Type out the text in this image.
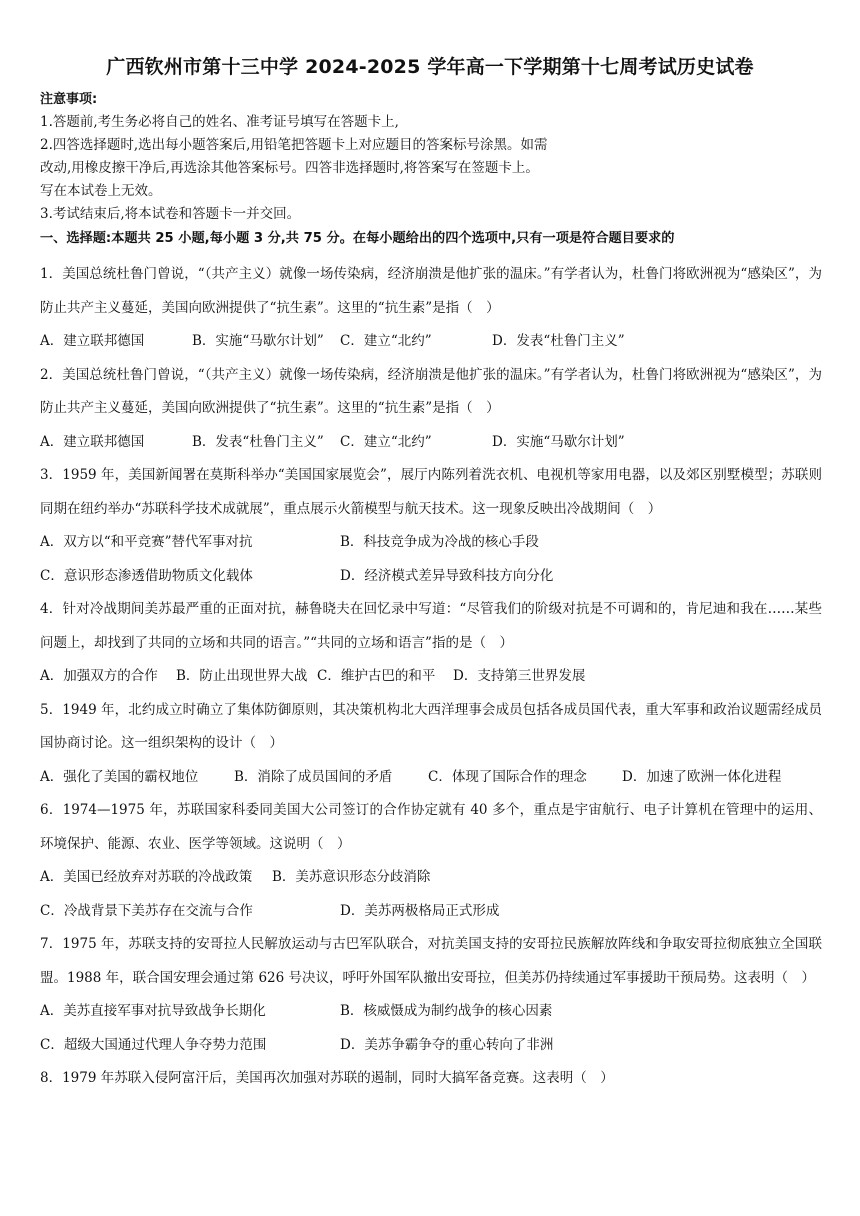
广西钦州市第十三中学 2024-2025 学年高一下学期第十七周考试历史试卷
注意事项:
1.答题前,考生务必将自己的姓名、准考证号填写在答题卡上,
2.四答选择题时,选出每小题答案后,用铅笔把答题卡上对应题目的答案标号涂黑。如需
改动,用橡皮擦干净后,再选涂其他答案标号。四答非选择题时,将答案写在签题卡上。
写在本试卷上无效。
3.考试结束后,将本试卷和答题卡一并交回。
一、选择题:本题共 25 小题,每小题 3 分,共 75 分。在每小题给出的四个选项中,只有一项是符合题目要求的

1．美国总统杜鲁门曾说，“（共产主义）就像一场传染病，经济崩溃是他扩张的温床。”有学者认为，杜鲁门将欧洲视为“感染区”，为防止共产主义蔓延，美国向欧洲提供了“抗生素”。这里的“抗生素”是指（　）

A．建立联邦德国	B．实施“马歇尔计划”	C．建立“北约”	D．发表“杜鲁门主义”

2．美国总统杜鲁门曾说，“（共产主义）就像一场传染病，经济崩溃是他扩张的温床。”有学者认为，杜鲁门将欧洲视为“感染区”，为防止共产主义蔓延，美国向欧洲提供了“抗生素”。这里的“抗生素”是指（　）

A．建立联邦德国	B．发表“杜鲁门主义”	C．建立“北约”	D．实施“马歇尔计划”

3．1959 年，美国新闻署在莫斯科举办“美国国家展览会”，展厅内陈列着洗衣机、电视机等家用电器，以及郊区别墅模型；苏联则同期在纽约举办“苏联科学技术成就展”，重点展示火箭模型与航天技术。这一现象反映出冷战期间（　）

A．双方以“和平竞赛”替代军事对抗	B．科技竞争成为冷战的核心手段
C．意识形态渗透借助物质文化载体	D．经济模式差异导致科技方向分化

4．针对冷战期间美苏最严重的正面对抗，赫鲁晓夫在回忆录中写道：“尽管我们的阶级对抗是不可调和的，肯尼迪和我在……某些问题上，却找到了共同的立场和共同的语言。”“共同的立场和语言”指的是（　）

A．加强双方的合作	B．防止出现世界大战 C．维护古巴的和平	D．支持第三世界发展

5．1949 年，北约成立时确立了集体防御原则，其决策机构北大西洋理事会成员包括各成员国代表，重大军事和政治议题需经成员国协商讨论。这一组织架构的设计（　）

A．强化了美国的霸权地位	B．消除了成员国间的矛盾	C．体现了国际合作的理念	D．加速了欧洲一体化进程

6．1974—1975 年，苏联国家科委同美国大公司签订的合作协定就有 40 多个，重点是宇宙航行、电子计算机在管理中的运用、环境保护、能源、农业、医学等领域。这说明（　）

A．美国已经放弃对苏联的冷战政策	B．美苏意识形态分歧消除
C．冷战背景下美苏存在交流与合作	D．美苏两极格局正式形成

7．1975 年，苏联支持的安哥拉人民解放运动与古巴军队联合，对抗美国支持的安哥拉民族解放阵线和争取安哥拉彻底独立全国联盟。1988 年，联合国安理会通过第 626 号决议，呼吁外国军队撤出安哥拉，但美苏仍持续通过军事援助干预局势。这表明（　）

A．美苏直接军事对抗导致战争长期化	B．核威慑成为制约战争的核心因素
C．超级大国通过代理人争夺势力范围	D．美苏争霸争夺的重心转向了非洲

8．1979 年苏联入侵阿富汗后，美国再次加强对苏联的遏制，同时大搞军备竞赛。这表明（　）
